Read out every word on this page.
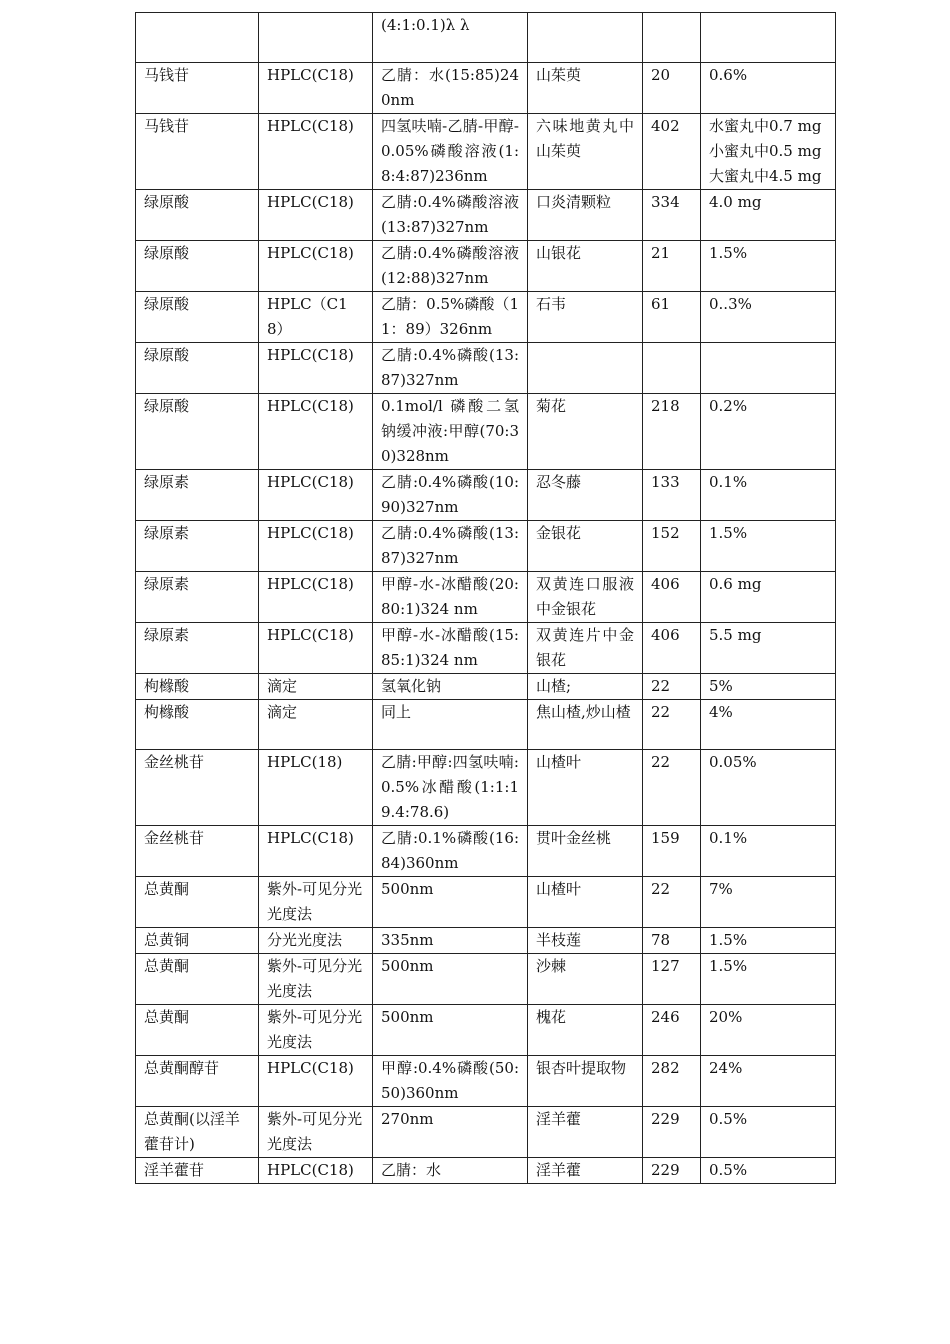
		(4:1:0.1)λ λ			
马钱苷	HPLC(C18)	乙腈：水(15:85)240nm	山茱萸	20	0.6%
马钱苷	HPLC(C18)	四氢呋喃-乙腈-甲醇-0.05%磷酸溶液(1:8:4:87)236nm	六味地黄丸中山茱萸	402	水蜜丸中0.7 mg 小蜜丸中0.5 mg 大蜜丸中4.5 mg
绿原酸	HPLC(C18)	乙腈:0.4%磷酸溶液(13:87)327nm	口炎清颗粒	334	4.0 mg
绿原酸	HPLC(C18)	乙腈:0.4%磷酸溶液(12:88)327nm	山银花	21	1.5%
绿原酸	HPLC（C18）	乙腈：0.5%磷酸（11：89）326nm	石韦	61	0..3%
绿原酸	HPLC(C18)	乙腈:0.4%磷酸(13:87)327nm			
绿原酸	HPLC(C18)	0.1mol/l 磷酸二氢钠缓冲液:甲醇(70:30)328nm	菊花	218	0.2%
绿原素	HPLC(C18)	乙腈:0.4%磷酸(10:90)327nm	忍冬藤	133	0.1%
绿原素	HPLC(C18)	乙腈:0.4%磷酸(13:87)327nm	金银花	152	1.5%
绿原素	HPLC(C18)	甲醇-水-冰醋酸(20:80:1)324 nm	双黄连口服液中金银花	406	0.6 mg
绿原素	HPLC(C18)	甲醇-水-冰醋酸(15:85:1)324 nm	双黄连片中金银花	406	5.5 mg
枸橼酸	滴定	氢氧化钠	山楂;	22	5%
枸橼酸	滴定	同上	焦山楂,炒山楂	22	4%
金丝桃苷	HPLC(18)	乙腈:甲醇:四氢呋喃:0.5%冰醋酸(1:1:19.4:78.6)	山楂叶	22	0.05%
金丝桃苷	HPLC(C18)	乙腈:0.1%磷酸(16:84)360nm	贯叶金丝桃	159	0.1%
总黄酮	紫外-可见分光光度法	500nm	山楂叶	22	7%
总黄铜	分光光度法	335nm	半枝莲	78	1.5%
总黄酮	紫外-可见分光光度法	500nm	沙棘	127	1.5%
总黄酮	紫外-可见分光光度法	500nm	槐花	246	20%
总黄酮醇苷	HPLC(C18)	甲醇:0.4%磷酸(50:50)360nm	银杏叶提取物	282	24%
总黄酮(以淫羊藿苷计)	紫外-可见分光光度法	270nm	淫羊藿	229	0.5%
淫羊藿苷	HPLC(C18)	乙腈：水	淫羊藿	229	0.5%
